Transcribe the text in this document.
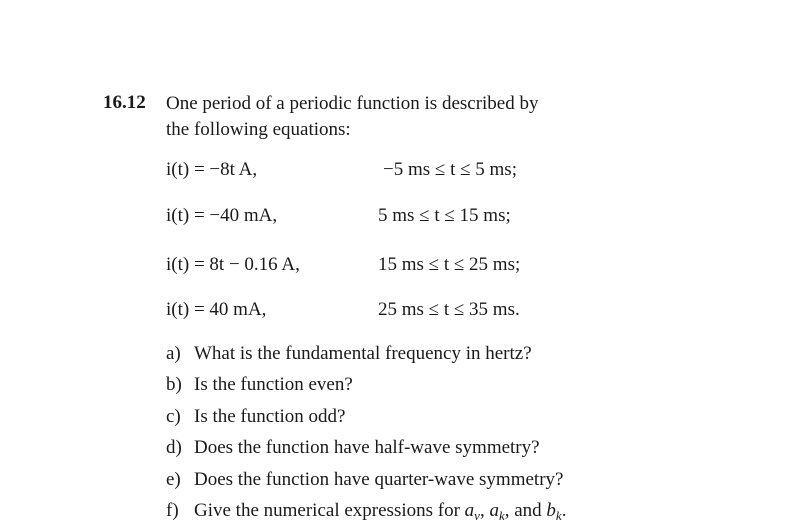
16.12 One period of a periodic function is described by
the following equations:
i(t) = −8t A,	−5 ms ≤ t ≤ 5 ms;
i(t) = −40 mA,	5 ms ≤ t ≤ 15 ms;
i(t) = 8t − 0.16 A,	15 ms ≤ t ≤ 25 ms;
i(t) = 40 mA,	25 ms ≤ t ≤ 35 ms.
a) What is the fundamental frequency in hertz?
b) Is the function even?
c) Is the function odd?
d) Does the function have half-wave symmetry?
e) Does the function have quarter-wave symmetry?
f) Give the numerical expressions for $a_v$, $a_k$, and $b_k$.
